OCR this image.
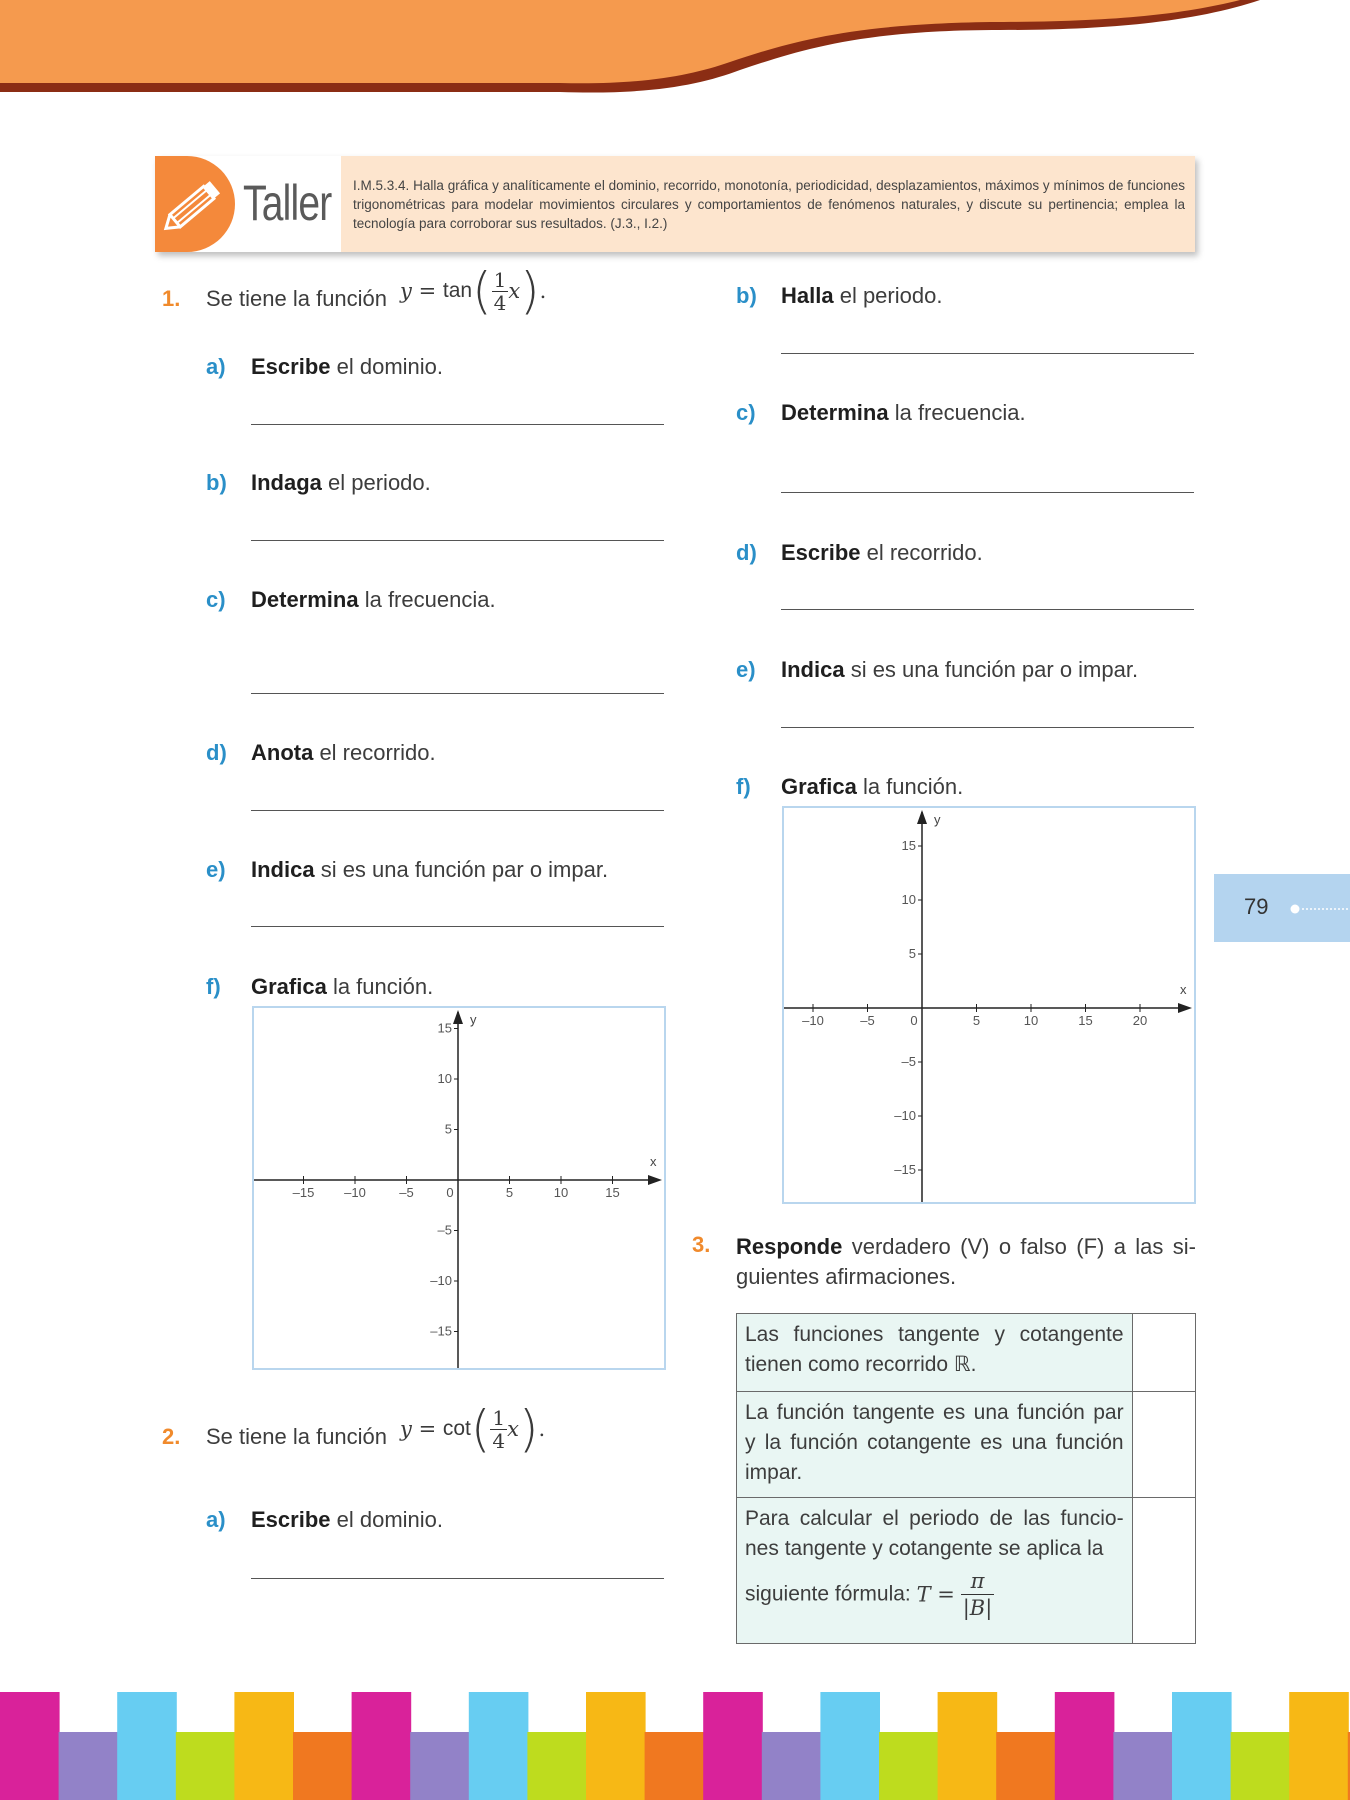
Taller I.M.5.3.4. Halla gráfica y analíticamente el dominio, recorrido, monotonía, periodicidad, desplazamientos, máximos y mínimos de funciones trigonométricas para modelar movimientos circulares y comportamientos de fenómenos naturales, y discute su pertinencia; emplea la tecnología para corroborar sus resultados. (J.3., I.2.)
1. Se tiene la función $y = \tan( \frac{1}{4} x)$.
a) Escribe el dominio.
b) Indaga el periodo.
c) Determina la frecuencia.
d) Anota el recorrido.
e) Indica si es una función par o impar.
f) Grafica la función.
x
y
–15 –10	–5	0	5	10	15
15
10
5
–5
–10
–15
2. Se tiene la función $y = \cot( \frac{1}{4} x)$.
a) Escribe el dominio.
b) Halla el periodo.
c) Determina la frecuencia.
d) Escribe el recorrido.
e) Indica si es una función par o impar.
f) Grafica la función.
x
y
–10	–5	0	5	10	15	20
15
10
5
–5
–10
–15
79
3. Responde verdadero (V) o falso (F) a las si-
guientes afirmaciones.
Las funciones tangente y cotangente tienen como recorrido ℝ.	
La función tangente es una función par y la función cotangente es una función impar.	

Para calcular el periodo de las funcio-nes tangente y cotangente se aplica la
siguiente fórmula: $T = \frac{\pi}{|B|}$
